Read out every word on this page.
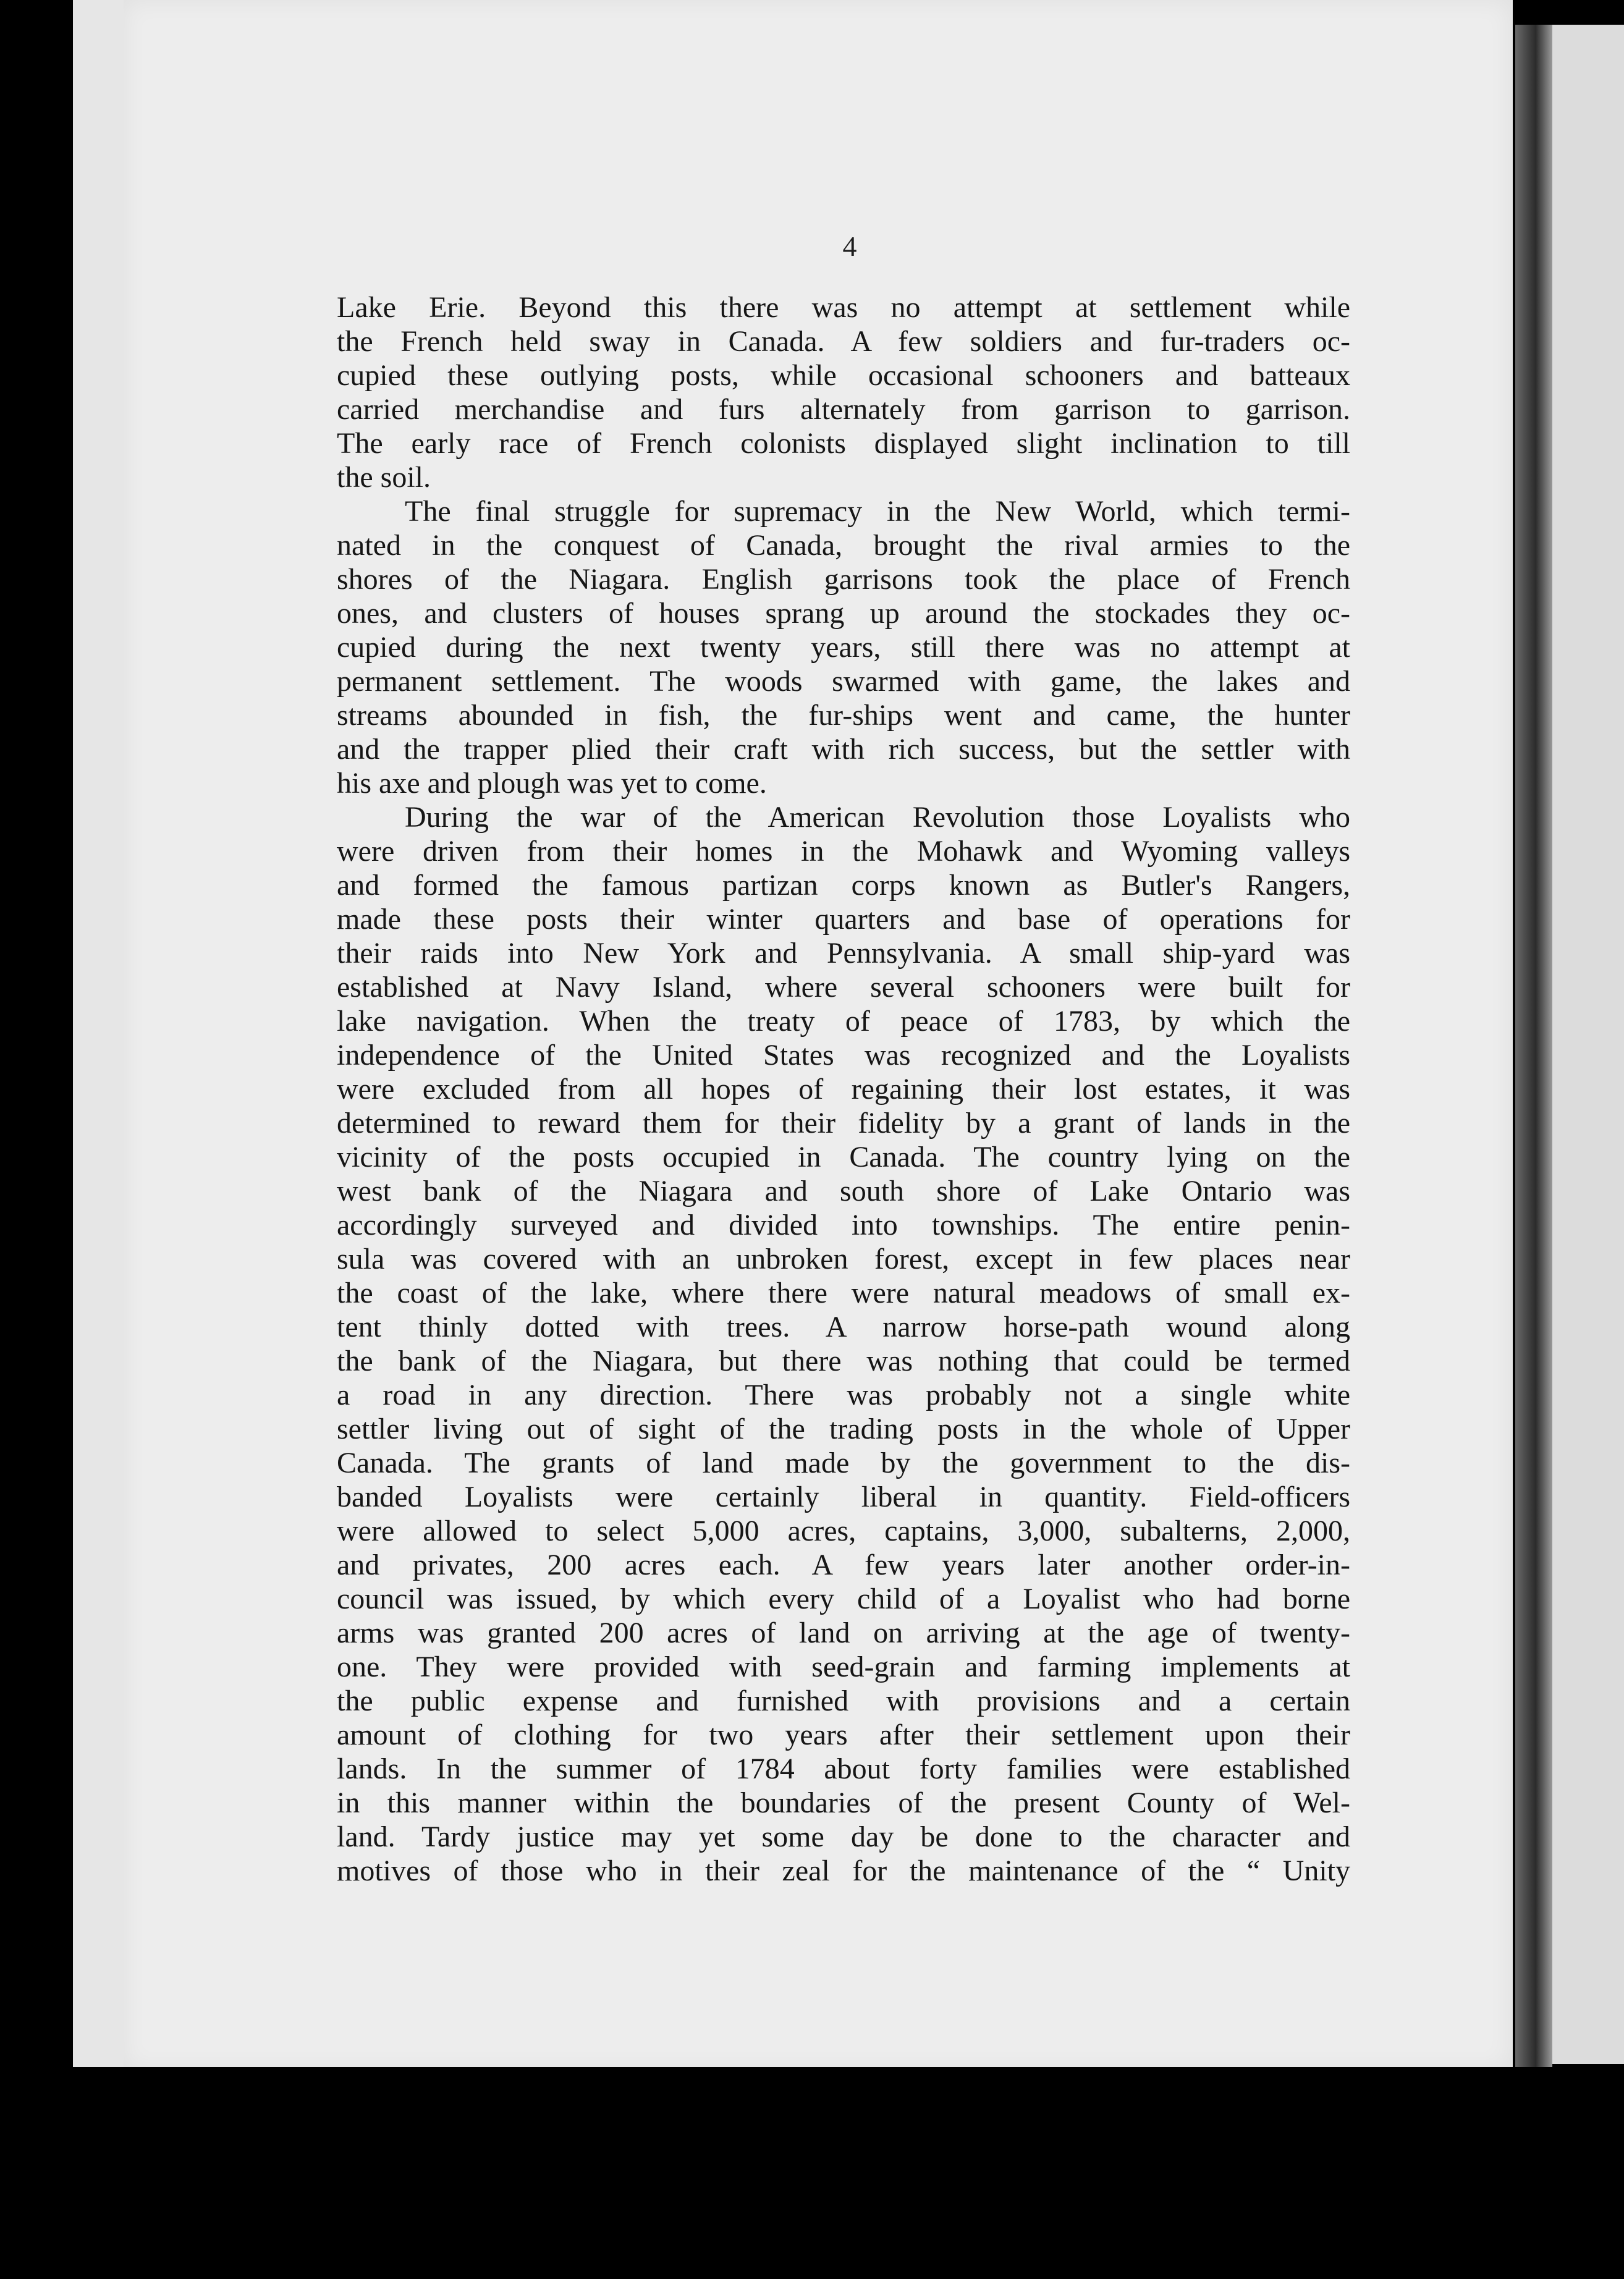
4
Lake Erie. Beyond this there was no attempt at settlement while
the French held sway in Canada. A few soldiers and fur-traders oc-
cupied these outlying posts, while occasional schooners and batteaux
carried merchandise and furs alternately from garrison to garrison.
The early race of French colonists displayed slight inclination to till
the soil.
The final struggle for supremacy in the New World, which termi-
nated in the conquest of Canada, brought the rival armies to the
shores of the Niagara. English garrisons took the place of French
ones, and clusters of houses sprang up around the stockades they oc-
cupied during the next twenty years, still there was no attempt at
permanent settlement. The woods swarmed with game, the lakes and
streams abounded in fish, the fur-ships went and came, the hunter
and the trapper plied their craft with rich success, but the settler with
his axe and plough was yet to come.
During the war of the American Revolution those Loyalists who
were driven from their homes in the Mohawk and Wyoming valleys
and formed the famous partizan corps known as Butler's Rangers,
made these posts their winter quarters and base of operations for
their raids into New York and Pennsylvania. A small ship-yard was
established at Navy Island, where several schooners were built for
lake navigation. When the treaty of peace of 1783, by which the
independence of the United States was recognized and the Loyalists
were excluded from all hopes of regaining their lost estates, it was
determined to reward them for their fidelity by a grant of lands in the
vicinity of the posts occupied in Canada. The country lying on the
west bank of the Niagara and south shore of Lake Ontario was
accordingly surveyed and divided into townships. The entire penin-
sula was covered with an unbroken forest, except in few places near
the coast of the lake, where there were natural meadows of small ex-
tent thinly dotted with trees. A narrow horse-path wound along
the bank of the Niagara, but there was nothing that could be termed
a road in any direction. There was probably not a single white
settler living out of sight of the trading posts in the whole of Upper
Canada. The grants of land made by the government to the dis-
banded Loyalists were certainly liberal in quantity. Field-officers
were allowed to select 5,000 acres, captains, 3,000, subalterns, 2,000,
and privates, 200 acres each. A few years later another order-in-
council was issued, by which every child of a Loyalist who had borne
arms was granted 200 acres of land on arriving at the age of twenty-
one. They were provided with seed-grain and farming implements at
the public expense and furnished with provisions and a certain
amount of clothing for two years after their settlement upon their
lands. In the summer of 1784 about forty families were established
in this manner within the boundaries of the present County of Wel-
land. Tardy justice may yet some day be done to the character and
motives of those who in their zeal for the maintenance of the “ Unity
